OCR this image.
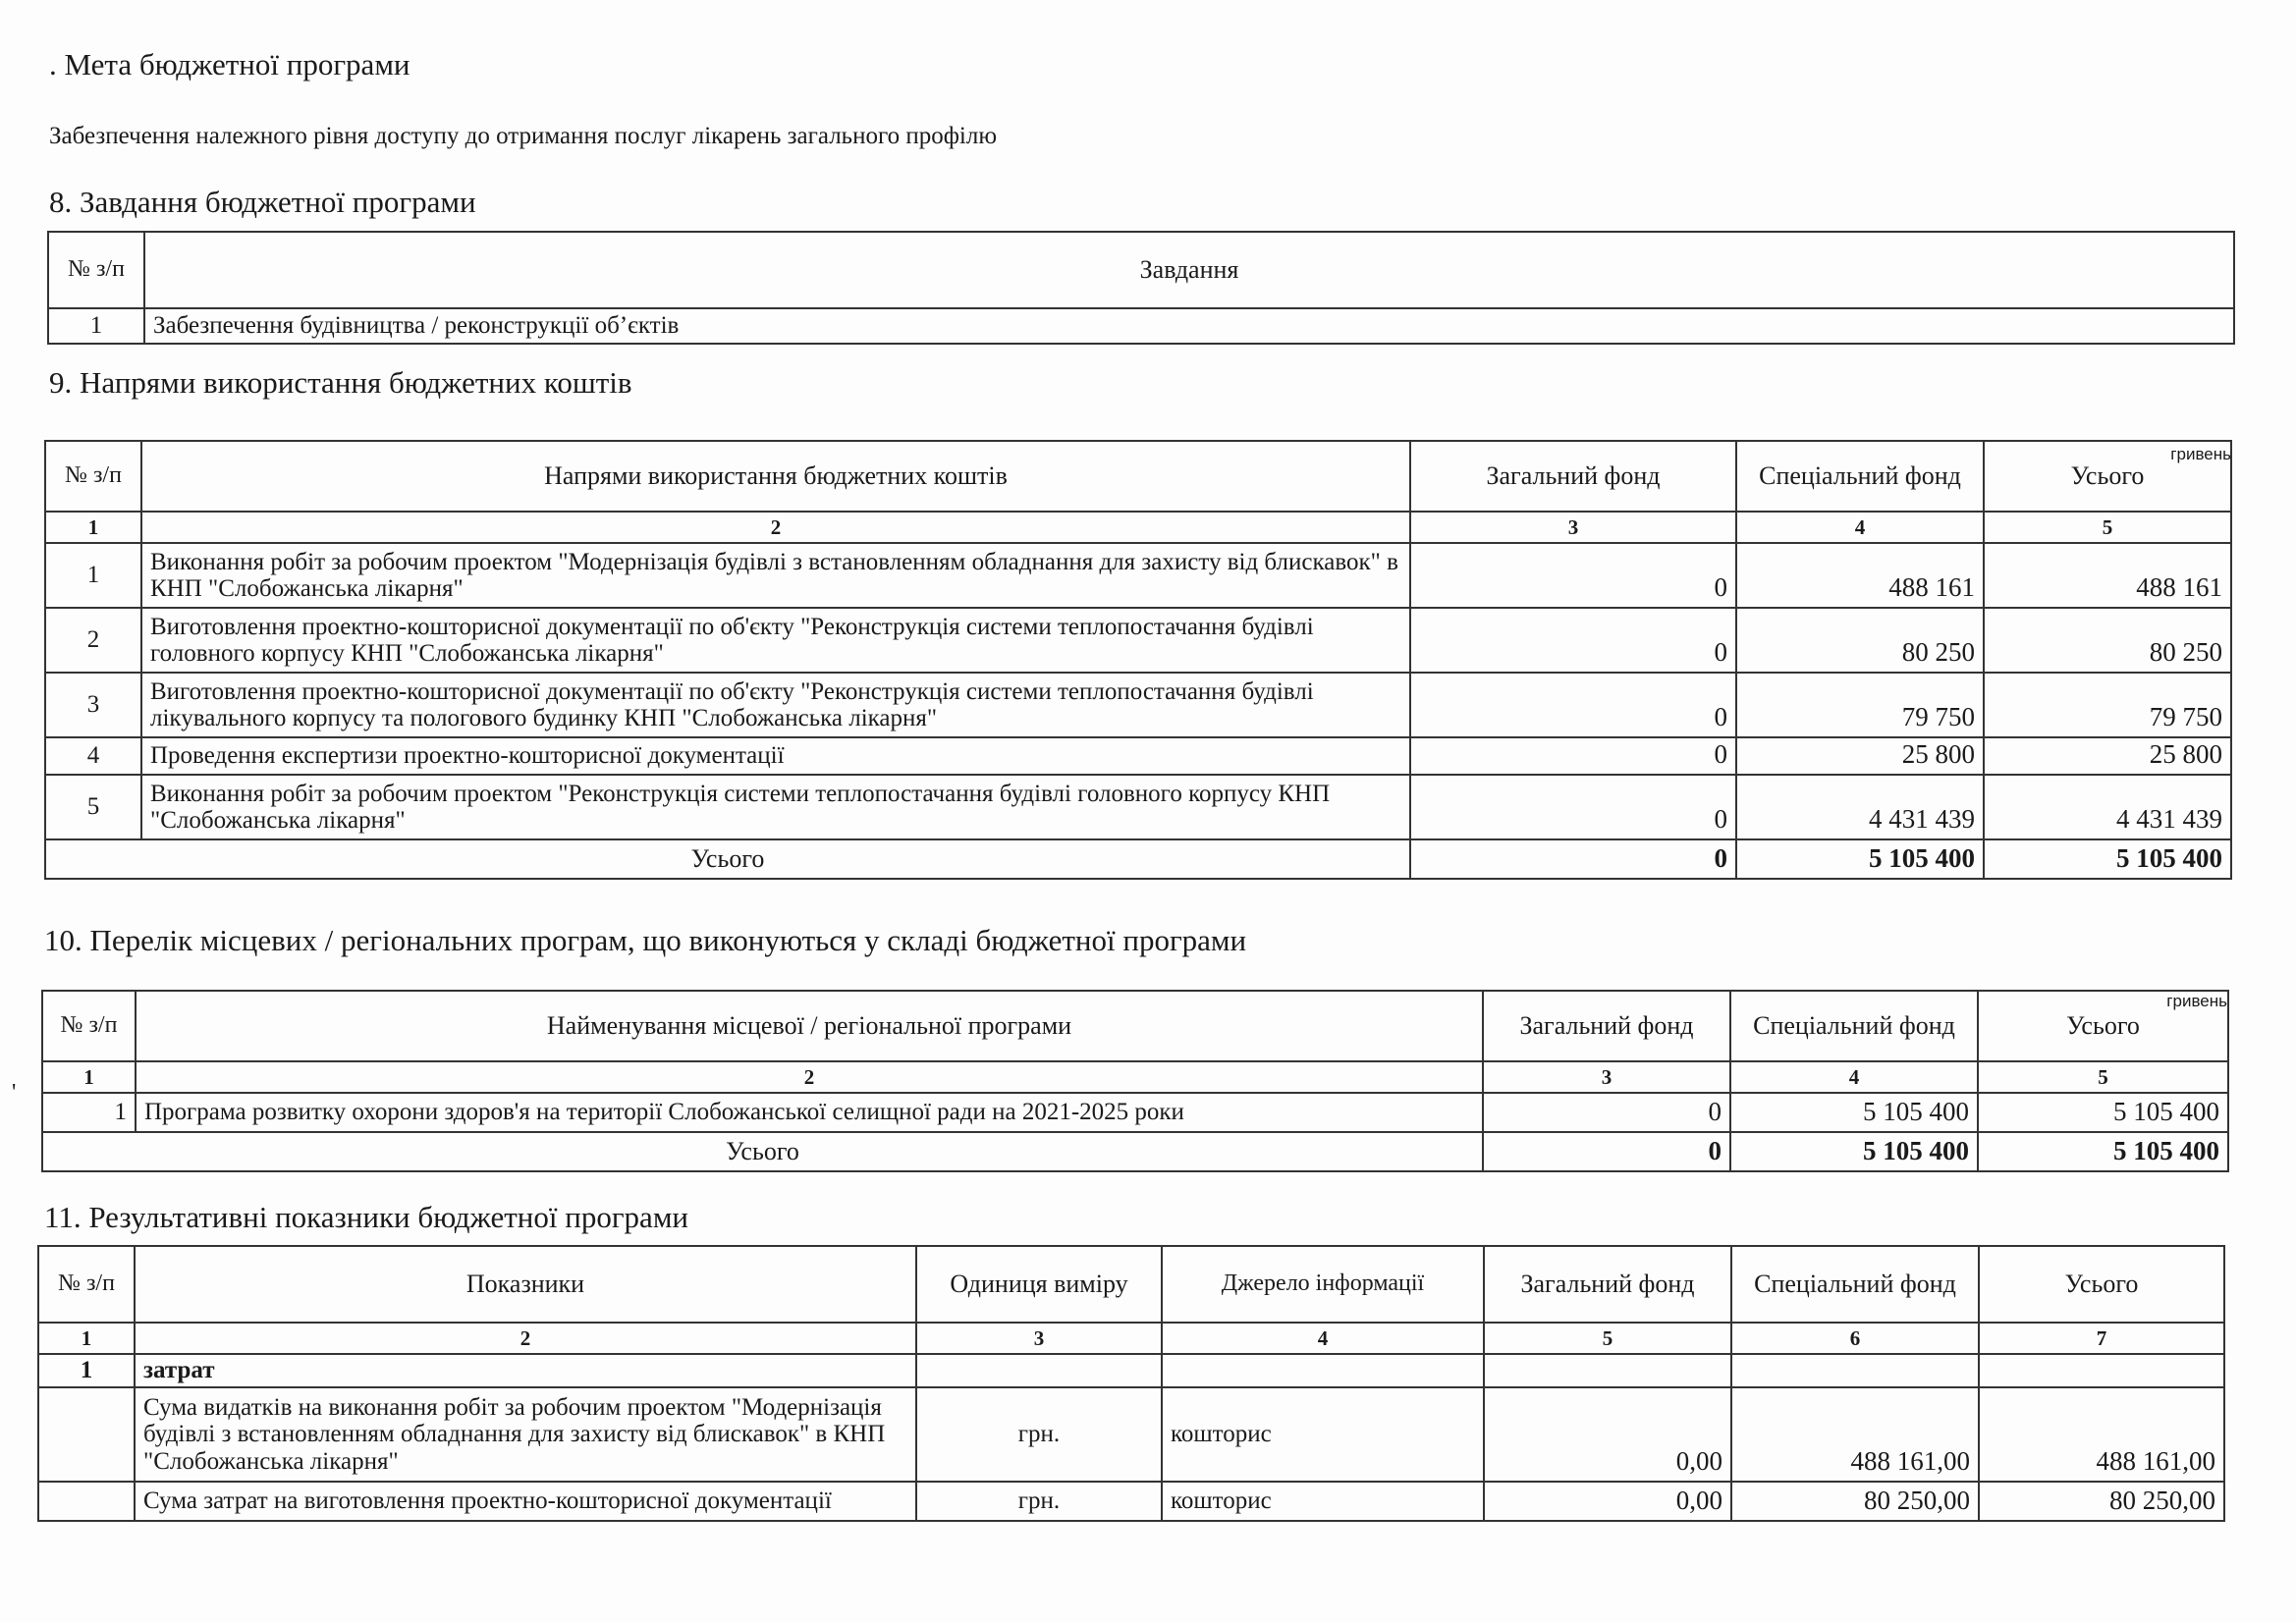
. Мета бюджетної програми
Забезпечення належного рівня доступу до отримання послуг лікарень загального профілю
8. Завдання бюджетної програми
№ з/п	Завдання
1	Забезпечення будівництва / реконструкції об’єктів
9. Напрями використання бюджетних коштів
гривень
№ з/п	Напрями використання бюджетних коштів	Загальний фонд	Спеціальний фонд	Усього
1	2	3	4	5
1	Виконання робіт за робочим проектом "Модернізація будівлі з встановленням обладнання для захисту від блискавок" в КНП "Слобожанська лікарня"	0	488 161	488 161
2	Виготовлення проектно-кошторисної документації по об'єкту "Реконструкція системи теплопостачання будівлі головного корпусу КНП "Слобожанська лікарня"	0	80 250	80 250
3	Виготовлення проектно-кошторисної документації по об'єкту "Реконструкція системи теплопостачання будівлі лікувального корпусу та пологового будинку КНП "Слобожанська лікарня"	0	79 750	79 750
4	Проведення експертизи проектно-кошторисної документації	0	25 800	25 800
5	Виконання робіт за робочим проектом "Реконструкція системи теплопостачання будівлі головного корпусу КНП "Слобожанська лікарня"	0	4 431 439	4 431 439
Усього		0	5 105 400	5 105 400
10. Перелік місцевих / регіональних програм, що виконуються у складі бюджетної програми
'
гривень
№ з/п	Найменування місцевої / регіональної програми	Загальний фонд	Спеціальний фонд	Усього
1	2	3	4	5
1	Програма розвитку охорони здоров'я на території Слобожанської селищної ради на 2021-2025 роки	0	5 105 400	5 105 400
Усього		0	5 105 400	5 105 400
11. Результативні показники бюджетної програми
№ з/п	Показники	Одиниця виміру	Джерело інформації	Загальний фонд	Спеціальний фонд	Усього
1	2	3	4	5	6	7
1	затрат					
	Сума видатків на виконання робіт за робочим проектом "Модернізація будівлі з встановленням обладнання для захисту від блискавок" в КНП "Слобожанська лікарня"	грн.	кошторис	0,00	488 161,00	488 161,00
	Сума затрат на виготовлення проектно-кошторисної документації	грн.	кошторис	0,00	80 250,00	80 250,00
